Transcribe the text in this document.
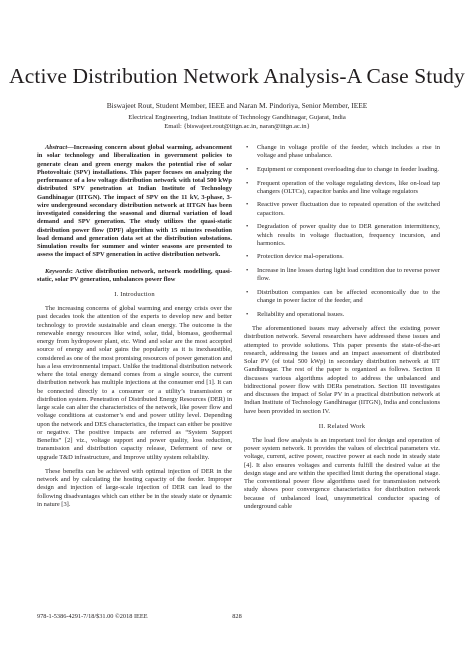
Active Distribution Network Analysis-A Case Study
Biswajeet Rout, Student Member, IEEE and Naran M. Pindoriya, Senior Member, IEEE
Electrical Engineering, Indian Institute of Technology Gandhinagar, Gujarat, India
Email: {biswajeet.rout@iitgn.ac.in, naran@iitgn.ac.in}

Abstract—Increasing concern about global warming, advancement in solar technology and liberalization in government policies to generate clean and green energy makes the potential rise of solar Photovoltaic (SPV) installations. This paper focuses on analyzing the performance of a low voltage distribution network with total 500 kWp distributed SPV penetration at Indian Institute of Technology Gandhinagar (IITGN). The impact of SPV on the 11 kV, 3-phase, 3-wire underground secondary distribution network at IITGN has been investigated considering the seasonal and diurnal variation of load demand and SPV generation. The study utilizes the quasi-static distribution power flow (DPF) algorithm with 15 minutes resolution load demand and generation data set at the distribution substations. Simulation results for summer and winter seasons are presented to assess the impact of SPV generation in active distribution network.

Keywords: Active distribution network, network modelling, quasi-static, solar PV generation, unbalances power flow

I. Introduction

The increasing concerns of global warming and energy crisis over the past decades took the attention of the experts to develop new and better technology to provide sustainable and clean energy. The outcome is the renewable energy resources like wind, solar, tidal, biomass, geothermal energy from hydropower plant, etc. Wind and solar are the most accepted source of energy and solar gains the popularity as it is inexhaustible, considered as one of the most promising resources of power generation and has a less environmental impact. Unlike the traditional distribution network where the total energy demand comes from a single source, the current distribution network has multiple injections at the consumer end [1]. It can be connected directly to a consumer or a utility’s transmission or distribution system. Penetration of Distributed Energy Resources (DER) in large scale can alter the characteristics of the network, like power flow and voltage conditions at customer’s end and power utility level. Depending upon the network and DES characteristics, the impact can either be positive or negative. The positive impacts are referred as “System Support Benefits” [2] viz., voltage support and power quality, loss reduction, transmission and distribution capacity release, Deferment of new or upgrade T&D infrastructure, and Improve utility system reliability.

These benefits can be achieved with optimal injection of DER in the network and by calculating the hosting capacity of the feeder. Improper design and injection of large-scale injection of DER can lead to the following disadvantages which can either be in the steady state or dynamic in nature [3].

• Change in voltage profile of the feeder, which includes a rise in voltage and phase unbalance.
• Equipment or component overloading due to change in feeder loading.
• Frequent operation of the voltage regulating devices, like on-load tap changers (OLTCs), capacitor banks and line voltage regulators
• Reactive power fluctuation due to repeated operation of the switched capacitors.
• Degradation of power quality due to DER generation intermittency, which results in voltage fluctuation, frequency incursion, and harmonics.
• Protection device mal-operations.
• Increase in line losses during light load condition due to reverse power flow.
• Distribution companies can be affected economically due to the change in power factor of the feeder, and
• Reliability and operational issues.

The aforementioned issues may adversely affect the existing power distribution network. Several researchers have addressed these issues and attempted to provide solutions. This paper presents the state-of-the-art research, addressing the issues and an impact assessment of distributed Solar PV (of total 500 kWp) in secondary distribution network at IIT Gandhinagar. The rest of the paper is organized as follows. Section II discusses various algorithms adopted to address the unbalanced and bidirectional power flow with DERs penetration. Section III investigates and discusses the impact of Solar PV in a practical distribution network at Indian Institute of Technology Gandhinagar (IITGN), India and conclusions have been provided in section IV.

II. Related Work

The load flow analysis is an important tool for design and operation of power system network. It provides the values of electrical parameters viz. voltage, current, active power, reactive power at each node in steady state [4]. It also ensures voltages and currents fulfill the desired value at the design stage and are within the specified limit during the operational stage. The conventional power flow algorithms used for transmission network study shows poor convergence characteristics for distribution network because of unbalanced load, unsymmetrical conductor spacing of underground cable

978-1-5386-4291-7/18/$31.00 ©2018 IEEE	828
